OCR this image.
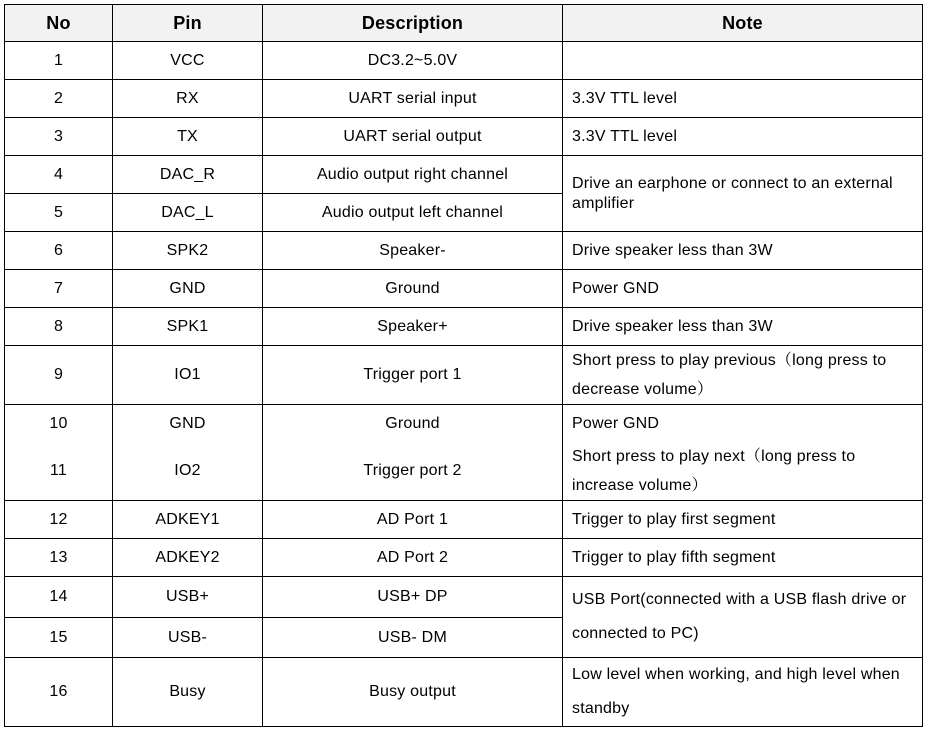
No	Pin	Description	Note
1	VCC	DC3.2~5.0V	
2	RX	UART serial input	3.3V TTL level
3	TX	UART serial output	3.3V TTL level
4	DAC_R	Audio output right channel	Drive an earphone or connect to an external amplifier
5	DAC_L	Audio output left channel	
6	SPK2	Speaker-	Drive speaker less than 3W
7	GND	Ground	Power GND
8	SPK1	Speaker+	Drive speaker less than 3W
9	IO1	Trigger port 1	Short press to play previous（long press to decrease volume）
10	GND	Ground	Power GND
11	IO2	Trigger port 2	Short press to play next（long press to increase volume）
12	ADKEY1	AD Port 1	Trigger to play first segment
13	ADKEY2	AD Port 2	Trigger to play fifth segment
14	USB+	USB+ DP	USB Port(connected with a USB flash drive or connected to PC)
15	USB-	USB- DM	
16	Busy	Busy output	Low level when working, and high level when standby
